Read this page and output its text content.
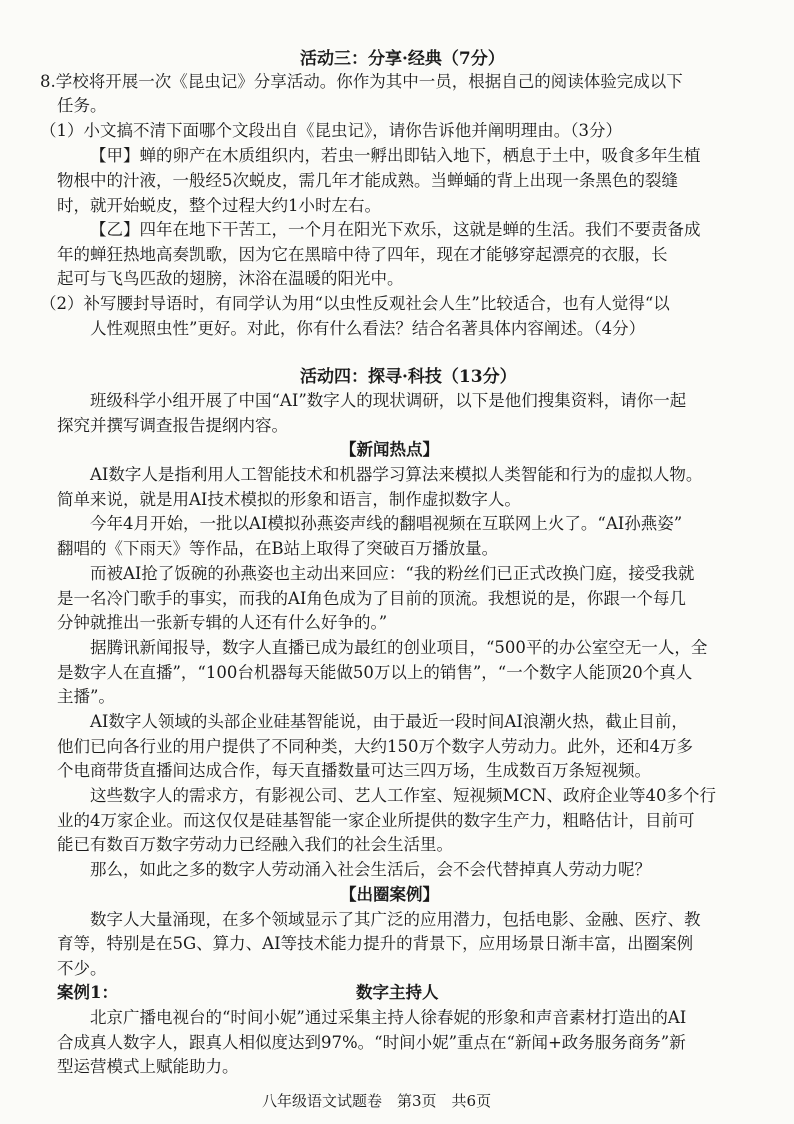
活动三：分享·经典（7分）
8.学校将开展一次《昆虫记》分享活动。你作为其中一员，根据自己的阅读体验完成以下
任务。
（1）小文搞不清下面哪个文段出自《昆虫记》，请你告诉他并阐明理由。（3分）
【甲】蝉的卵产在木质组织内，若虫一孵出即钻入地下，栖息于土中，吸食多年生植
物根中的汁液，一般经5次蜕皮，需几年才能成熟。当蝉蛹的背上出现一条黑色的裂缝
时，就开始蜕皮，整个过程大约1小时左右。
【乙】四年在地下干苦工，一个月在阳光下欢乐，这就是蝉的生活。我们不要责备成
年的蝉狂热地高奏凯歌，因为它在黑暗中待了四年，现在才能够穿起漂亮的衣服，长
起可与飞鸟匹敌的翅膀，沐浴在温暖的阳光中。
（2）补写腰封导语时，有同学认为用“以虫性反观社会人生”比较适合，也有人觉得“以
人性观照虫性”更好。对此，你有什么看法？结合名著具体内容阐述。（4分）
活动四：探寻·科技（13分）
班级科学小组开展了中国“AI”数字人的现状调研，以下是他们搜集资料，请你一起
探究并撰写调查报告提纲内容。
【新闻热点】
AI数字人是指利用人工智能技术和机器学习算法来模拟人类智能和行为的虚拟人物。
简单来说，就是用AI技术模拟的形象和语言，制作虚拟数字人。
今年4月开始，一批以AI模拟孙燕姿声线的翻唱视频在互联网上火了。“AI孙燕姿”
翻唱的《下雨天》等作品，在B站上取得了突破百万播放量。
而被AI抢了饭碗的孙燕姿也主动出来回应：“我的粉丝们已正式改换门庭，接受我就
是一名冷门歌手的事实，而我的AI角色成为了目前的顶流。我想说的是，你跟一个每几
分钟就推出一张新专辑的人还有什么好争的。”
据腾讯新闻报导，数字人直播已成为最红的创业项目，“500平的办公室空无一人，全
是数字人在直播”，“100台机器每天能做50万以上的销售”，“一个数字人能顶20个真人
主播”。
AI数字人领域的头部企业硅基智能说，由于最近一段时间AI浪潮火热，截止目前，
他们已向各行业的用户提供了不同种类，大约150万个数字人劳动力。此外，还和4万多
个电商带货直播间达成合作，每天直播数量可达三四万场，生成数百万条短视频。
这些数字人的需求方，有影视公司、艺人工作室、短视频MCN、政府企业等40多个行
业的4万家企业。而这仅仅是硅基智能一家企业所提供的数字生产力，粗略估计，目前可
能已有数百万数字劳动力已经融入我们的社会生活里。
那么，如此之多的数字人劳动涌入社会生活后，会不会代替掉真人劳动力呢？
【出圈案例】
数字人大量涌现，在多个领域显示了其广泛的应用潜力，包括电影、金融、医疗、教
育等，特别是在5G、算力、AI等技术能力提升的背景下，应用场景日渐丰富，出圈案例
不少。
案例1：	数字主持人
北京广播电视台的“时间小妮”通过采集主持人徐春妮的形象和声音素材打造出的AI
合成真人数字人，跟真人相似度达到97%。“时间小妮”重点在“新闻+政务服务商务”新
型运营模式上赋能助力。
八年级语文试题卷　第3页　共6页
